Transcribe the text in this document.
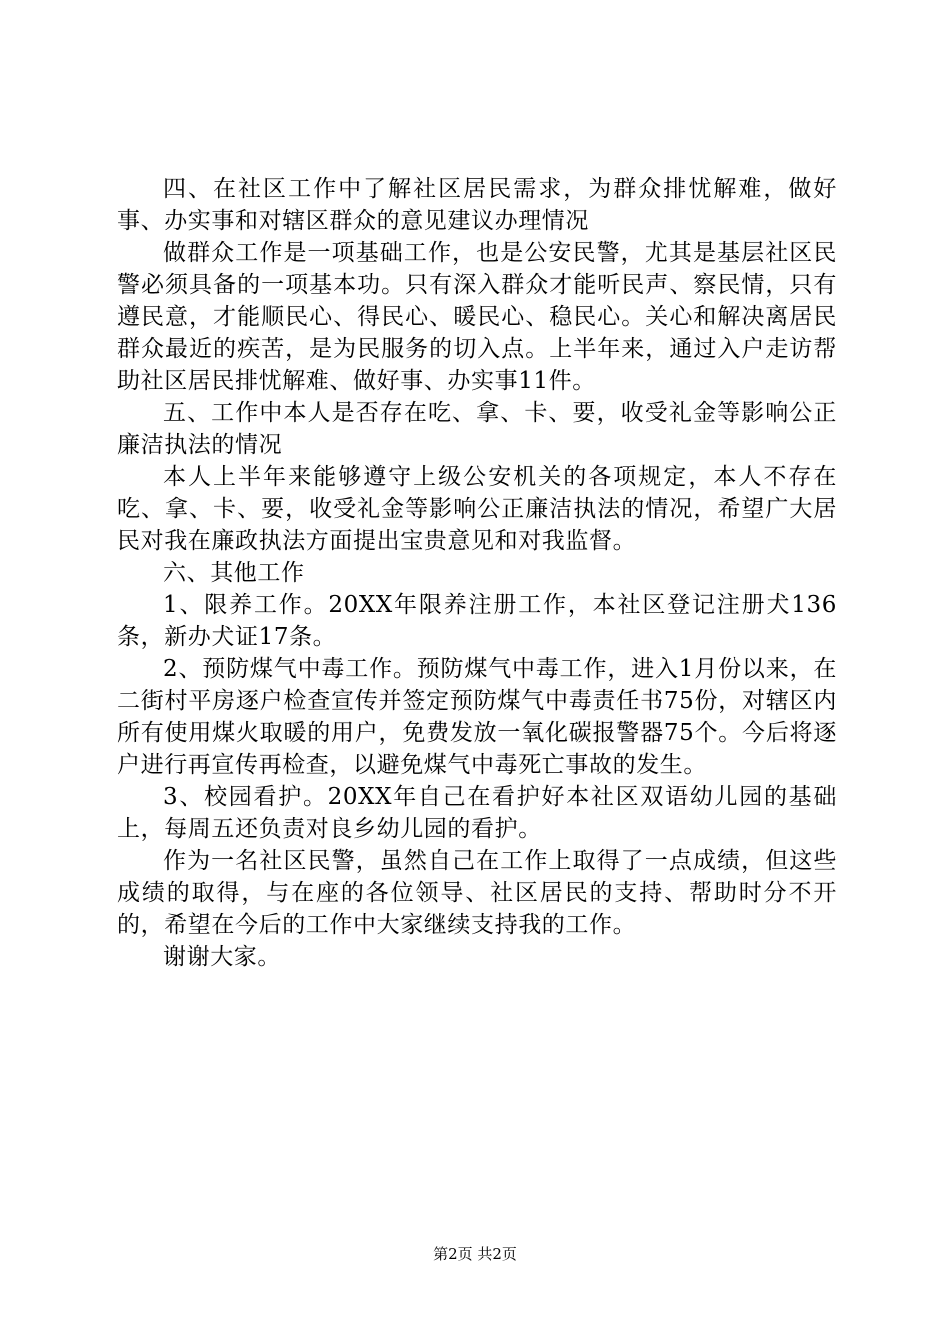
四、在社区工作中了解社区居民需求，为群众排忧解难，做好事、办实事和对辖区群众的意见建议办理情况

做群众工作是一项基础工作，也是公安民警，尤其是基层社区民警必须具备的一项基本功。只有深入群众才能听民声、察民情，只有遵民意，才能顺民心、得民心、暖民心、稳民心。关心和解决离居民群众最近的疾苦，是为民服务的切入点。上半年来，通过入户走访帮助社区居民排忧解难、做好事、办实事11件。

五、工作中本人是否存在吃、拿、卡、要，收受礼金等影响公正廉洁执法的情况

本人上半年来能够遵守上级公安机关的各项规定，本人不存在吃、拿、卡、要，收受礼金等影响公正廉洁执法的情况，希望广大居民对我在廉政执法方面提出宝贵意见和对我监督。

六、其他工作

1、限养工作。20XX年限养注册工作，本社区登记注册犬136条，新办犬证17条。

2、预防煤气中毒工作。预防煤气中毒工作，进入1月份以来，在二街村平房逐户检查宣传并签定预防煤气中毒责任书75份，对辖区内所有使用煤火取暖的用户，免费发放一氧化碳报警器75个。今后将逐户进行再宣传再检查，以避免煤气中毒死亡事故的发生。

3、校园看护。20XX年自己在看护好本社区双语幼儿园的基础上，每周五还负责对良乡幼儿园的看护。

作为一名社区民警，虽然自己在工作上取得了一点成绩，但这些成绩的取得，与在座的各位领导、社区居民的支持、帮助时分不开的，希望在今后的工作中大家继续支持我的工作。

谢谢大家。

第2页 共2页
